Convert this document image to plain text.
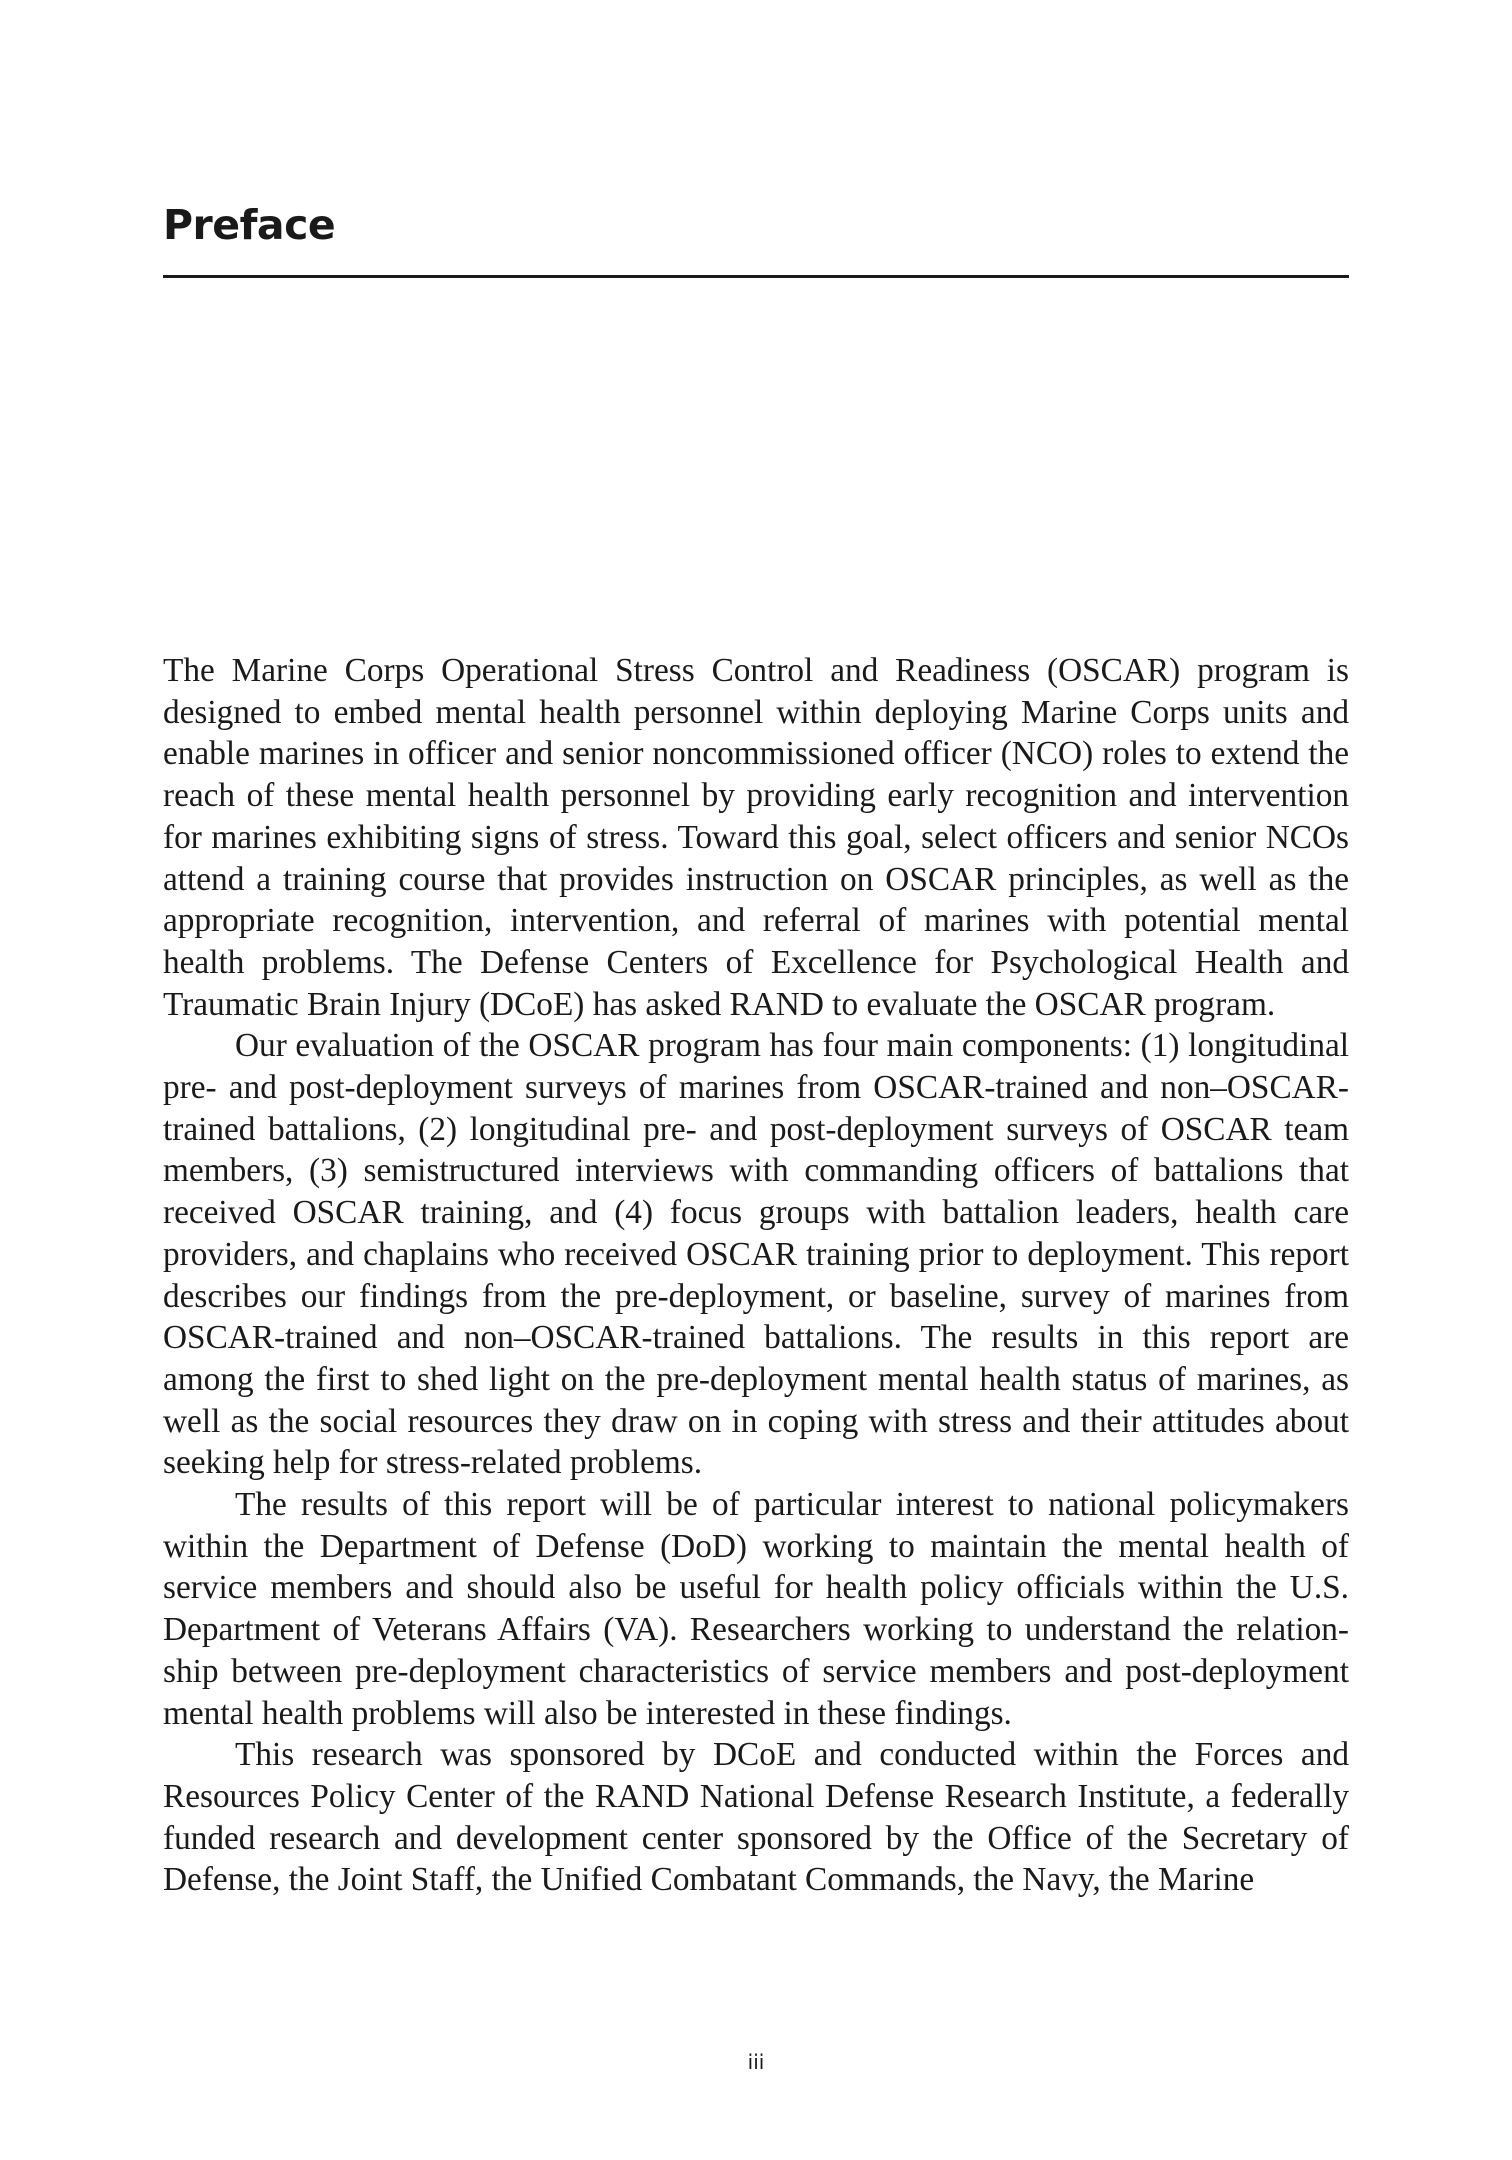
Preface

The Marine Corps Operational Stress Control and Readiness (OSCAR) program is designed to embed mental health personnel within deploying Marine Corps units and enable marines in officer and senior noncommissioned officer (NCO) roles to extend the reach of these mental health personnel by providing early recognition and intervention for marines exhibiting signs of stress. Toward this goal, select officers and senior NCOs attend a training course that provides instruction on OSCAR principles, as well as the appropriate recognition, intervention, and referral of marines with potential mental health problems. The Defense Centers of Excellence for Psychological Health and Traumatic Brain Injury (DCoE) has asked RAND to evaluate the OSCAR program.

Our evaluation of the OSCAR program has four main components: (1) longitudinal pre- and post-deployment surveys of marines from OSCAR-trained and non–OSCAR-trained battalions, (2) longitudinal pre- and post-deployment surveys of OSCAR team members, (3) semistructured interviews with commanding officers of battalions that received OSCAR training, and (4) focus groups with battalion leaders, health care providers, and chaplains who received OSCAR training prior to deployment. This report describes our findings from the pre-deployment, or baseline, survey of marines from OSCAR-trained and non–OSCAR-trained battalions. The results in this report are among the first to shed light on the pre-deployment mental health status of marines, as well as the social resources they draw on in coping with stress and their attitudes about seeking help for stress-related problems.

The results of this report will be of particular interest to national policymakers within the Department of Defense (DoD) working to maintain the mental health of service members and should also be useful for health policy officials within the U.S. Department of Veterans Affairs (VA). Researchers working to understand the relationship between pre-deployment characteristics of service members and post-deployment mental health problems will also be interested in these findings.

This research was sponsored by DCoE and conducted within the Forces and Resources Policy Center of the RAND National Defense Research Institute, a federally funded research and development center sponsored by the Office of the Secretary of Defense, the Joint Staff, the Unified Combatant Commands, the Navy, the Marine

iii
